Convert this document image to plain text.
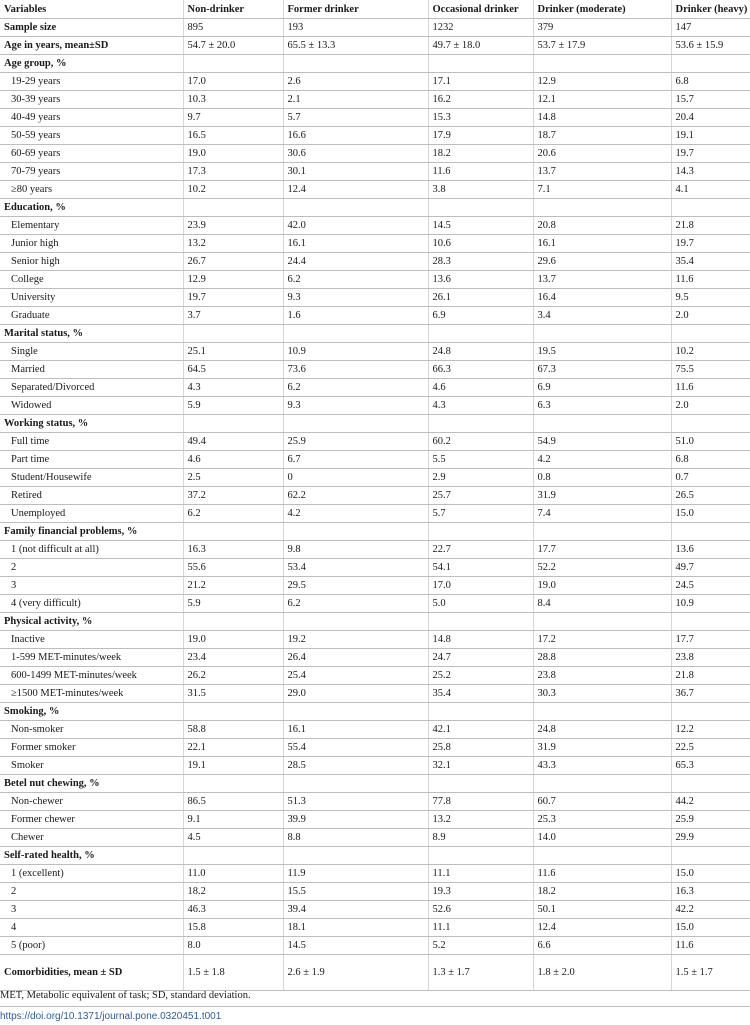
Variables	Non-drinker	Former drinker	Occasional drinker	Drinker (moderate)	Drinker (heavy)
Sample size	895	193	1232	379	147
Age in years, mean±SD	54.7 ± 20.0	65.5 ± 13.3	49.7 ± 18.0	53.7 ± 17.9	53.6 ± 15.9
Age group, %					
19-29 years	17.0	2.6	17.1	12.9	6.8
30-39 years	10.3	2.1	16.2	12.1	15.7
40-49 years	9.7	5.7	15.3	14.8	20.4
50-59 years	16.5	16.6	17.9	18.7	19.1
60-69 years	19.0	30.6	18.2	20.6	19.7
70-79 years	17.3	30.1	11.6	13.7	14.3
≥80 years	10.2	12.4	3.8	7.1	4.1
Education, %					
Elementary	23.9	42.0	14.5	20.8	21.8
Junior high	13.2	16.1	10.6	16.1	19.7
Senior high	26.7	24.4	28.3	29.6	35.4
College	12.9	6.2	13.6	13.7	11.6
University	19.7	9.3	26.1	16.4	9.5
Graduate	3.7	1.6	6.9	3.4	2.0
Marital status, %					
Single	25.1	10.9	24.8	19.5	10.2
Married	64.5	73.6	66.3	67.3	75.5
Separated/Divorced	4.3	6.2	4.6	6.9	11.6
Widowed	5.9	9.3	4.3	6.3	2.0
Working status, %					
Full time	49.4	25.9	60.2	54.9	51.0
Part time	4.6	6.7	5.5	4.2	6.8
Student/Housewife	2.5	0	2.9	0.8	0.7
Retired	37.2	62.2	25.7	31.9	26.5
Unemployed	6.2	4.2	5.7	7.4	15.0
Family financial problems, %					
1 (not difficult at all)	16.3	9.8	22.7	17.7	13.6
2	55.6	53.4	54.1	52.2	49.7
3	21.2	29.5	17.0	19.0	24.5
4 (very difficult)	5.9	6.2	5.0	8.4	10.9
Physical activity, %					
Inactive	19.0	19.2	14.8	17.2	17.7
1-599 MET-minutes/week	23.4	26.4	24.7	28.8	23.8
600-1499 MET-minutes/week	26.2	25.4	25.2	23.8	21.8
≥1500 MET-minutes/week	31.5	29.0	35.4	30.3	36.7
Smoking, %					
Non-smoker	58.8	16.1	42.1	24.8	12.2
Former smoker	22.1	55.4	25.8	31.9	22.5
Smoker	19.1	28.5	32.1	43.3	65.3
Betel nut chewing, %					
Non-chewer	86.5	51.3	77.8	60.7	44.2
Former chewer	9.1	39.9	13.2	25.3	25.9
Chewer	4.5	8.8	8.9	14.0	29.9
Self-rated health, %					
1 (excellent)	11.0	11.9	11.1	11.6	15.0
2	18.2	15.5	19.3	18.2	16.3
3	46.3	39.4	52.6	50.1	42.2
4	15.8	18.1	11.1	12.4	15.0
5 (poor)	8.0	14.5	5.2	6.6	11.6
Comorbidities, mean ± SD	1.5 ± 1.8	2.6 ± 1.9	1.3 ± 1.7	1.8 ± 2.0	1.5 ± 1.7
MET, Metabolic equivalent of task; SD, standard deviation.
https://doi.org/10.1371/journal.pone.0320451.t001
